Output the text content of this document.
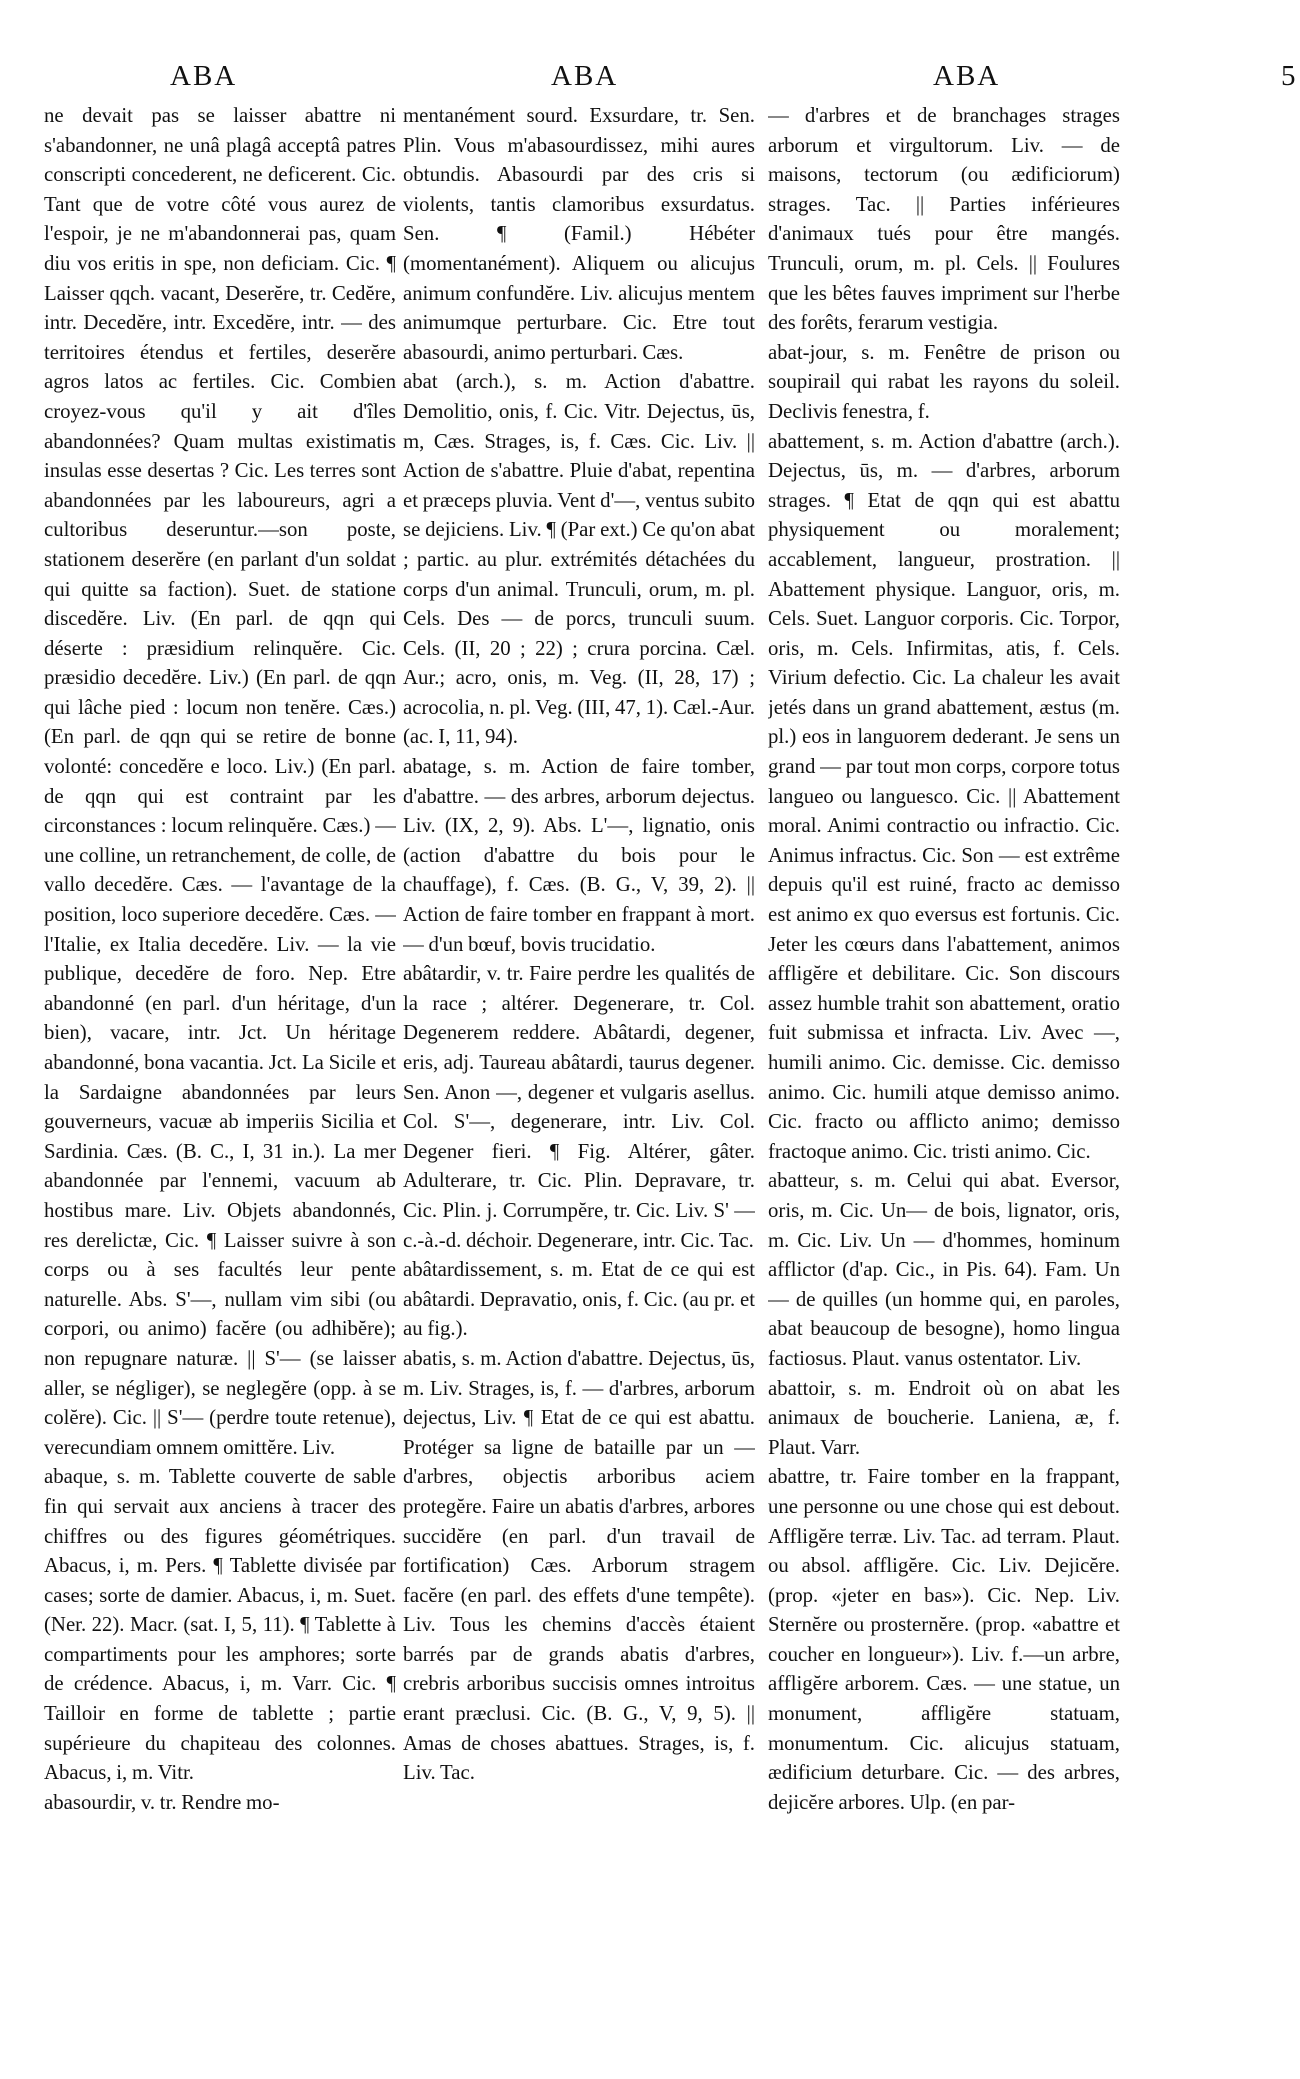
ABA	ABA	ABA	5

ne devait pas se laisser abattre ni s'abandonner, ne unâ plagâ acceptâ patres conscripti concederent, ne deficerent. Cic. Tant que de votre côté vous aurez de l'espoir, je ne m'abandonnerai pas, quam diu vos eritis in spe, non deficiam. Cic. ¶ Laisser qqch. vacant, Deserĕre, tr. Cedĕre, intr. Decedĕre, intr. Excedĕre, intr. — des territoires étendus et fertiles, deserĕre agros latos ac fertiles. Cic. Combien croyez-vous qu'il y ait d'îles abandonnées? Quam multas existimatis insulas esse desertas ? Cic. Les terres sont abandonnées par les laboureurs, agri a cultoribus deseruntur.—son poste, stationem deserĕre (en parlant d'un soldat qui quitte sa faction). Suet. de statione discedĕre. Liv. (En parl. de qqn qui déserte : præsidium relinquĕre. Cic. præsidio decedĕre. Liv.) (En parl. de qqn qui lâche pied : locum non tenĕre. Cæs.) (En parl. de qqn qui se retire de bonne volonté: concedĕre e loco. Liv.) (En parl. de qqn qui est contraint par les circonstances : locum relinquĕre. Cæs.) — une colline, un retranchement, de colle, de vallo decedĕre. Cæs. — l'avantage de la position, loco superiore decedĕre. Cæs. — l'Italie, ex Italia decedĕre. Liv. — la vie publique, decedĕre de foro. Nep. Etre abandonné (en parl. d'un héritage, d'un bien), vacare, intr. Jct. Un héritage abandonné, bona vacantia. Jct. La Sicile et la Sardaigne abandonnées par leurs gouverneurs, vacuæ ab imperiis Siciliа et Sardinia. Cæs. (B. C., I, 31 in.). La mer abandonnée par l'ennemi, vacuum ab hostibus mare. Liv. Objets abandonnés, res derelictæ, Cic. ¶ Laisser suivre à son corps ou à ses facultés leur pente naturelle. Abs. S'—, nullam vim sibi (ou corpori, ou animo) facĕre (ou adhibĕre); non repugnare naturæ. || S'— (se laisser aller, se négliger), se neglegĕre (opp. à se colĕre). Cic. || S'— (perdre toute retenue), verecundiam omnem omittĕre. Liv.

abaque, s. m. Tablette couverte de sable fin qui servait aux anciens à tracer des chiffres ou des figures géométriques. Abacus, i, m. Pers. ¶ Tablette divisée par cases; sorte de damier. Abacus, i, m. Suet. (Ner. 22). Macr. (sat. I, 5, 11). ¶ Tablette à compartiments pour les amphores; sorte de crédence. Abacus, i, m. Varr. Cic. ¶ Tailloir en forme de tablette ; partie supérieure du chapiteau des colonnes. Abacus, i, m. Vitr.

abasourdir, v. tr. Rendre mo-

mentanément sourd. Exsurdare, tr. Sen. Plin. Vous m'abasourdissez, mihi aures obtundis. Abasourdi par des cris si violents, tantis clamoribus exsurdatus. Sen. ¶ (Famil.) Hébéter (momentanément). Aliquem ou alicujus animum confundĕre. Liv. alicujus mentem animumque perturbare. Cic. Etre tout abasourdi, animo perturbari. Cæs.

abat (arch.), s. m. Action d'abattre. Demolitio, onis, f. Cic. Vitr. Dejectus, ūs, m, Cæs. Strages, is, f. Cæs. Cic. Liv. || Action de s'abattre. Pluie d'abat, repentina et præceps pluvia. Vent d'—, ventus subito se dejiciens. Liv. ¶ (Par ext.) Ce qu'on abat ; partic. au plur. extrémités détachées du corps d'un animal. Trunculi, orum, m. pl. Cels. Des — de porcs, trunculi suum. Cels. (II, 20 ; 22) ; crura porcina. Cæl. Aur.; acro, onis, m. Veg. (II, 28, 17) ; acrocolia, n. pl. Veg. (III, 47, 1). Cæl.-Aur. (ac. I, 11, 94).

abatage, s. m. Action de faire tomber, d'abattre. — des arbres, arborum dejectus. Liv. (IX, 2, 9). Abs. L'—, lignatio, onis (action d'abattre du bois pour le chauffage), f. Cæs. (B. G., V, 39, 2). || Action de faire tomber en frappant à mort. — d'un bœuf, bovis trucidatio.

abâtardir, v. tr. Faire perdre les qualités de la race ; altérer. Degenerare, tr. Col. Degenerem reddere. Abâtardi, degener, eris, adj. Taureau abâtardi, taurus degener. Sen. Anon —, degener et vulgaris asellus. Col. S'—, degenerare, intr. Liv. Col. Degener fieri. ¶ Fig. Altérer, gâter. Adulterare, tr. Cic. Plin. Depravare, tr. Cic. Plin. j. Corrumpĕre, tr. Cic. Liv. S' — c.-à.-d. déchoir. Degenerare, intr. Cic. Tac.

abâtardissement, s. m. Etat de ce qui est abâtardi. Depravatio, onis, f. Cic. (au pr. et au fig.).

abatis, s. m. Action d'abattre. Dejectus, ūs, m. Liv. Strages, is, f. — d'arbres, arborum dejectus, Liv. ¶ Etat de ce qui est abattu. Protéger sa ligne de bataille par un — d'arbres, objectis arboribus aciem protegĕre. Faire un abatis d'arbres, arbores succidĕre (en parl. d'un travail de fortification) Cæs. Arborum stragem facĕre (en parl. des effets d'une tempête). Liv. Tous les chemins d'accès étaient barrés par de grands abatis d'arbres, crebris arboribus succisis omnes introitus erant præclusi. Cic. (B. G., V, 9, 5). || Amas de choses abattues. Strages, is, f. Liv. Tac.

— d'arbres et de branchages strages arborum et virgultorum. Liv. — de maisons, tectorum (ou ædificiorum) strages. Tac. || Parties inférieures d'animaux tués pour être mangés. Trunculi, orum, m. pl. Cels. || Foulures que les bêtes fauves impriment sur l'herbe des forêts, ferarum vestigia.

abat-jour, s. m. Fenêtre de prison ou soupirail qui rabat les rayons du soleil. Declivis fenestra, f.

abattement, s. m. Action d'abattre (arch.). Dejectus, ūs, m. — d'arbres, arborum strages. ¶ Etat de qqn qui est abattu physiquement ou moralement; accablement, langueur, prostration. || Abattement physique. Languor, oris, m. Cels. Suet. Languor corporis. Cic. Torpor, oris, m. Cels. Infirmitas, atis, f. Cels. Virium defectio. Cic. La chaleur les avait jetés dans un grand abattement, æstus (m. pl.) eos in languorem dederant. Je sens un grand — par tout mon corps, corpore totus langueo ou languesco. Cic. || Abattement moral. Animi contractio ou infractio. Cic. Animus infractus. Cic. Son — est extrême depuis qu'il est ruiné, fracto ac demisso est animo ex quo eversus est fortunis. Cic. Jeter les cœurs dans l'abattement, animos affligĕre et debilitare. Cic. Son discours assez humble trahit son abattement, oratio fuit submissa et infracta. Liv. Avec —, humili animo. Cic. demisse. Cic. demisso animo. Cic. humili atque demisso animo. Cic. fracto ou afflicto animo; demisso fractoque animo. Cic. tristi animo. Cic.

abatteur, s. m. Celui qui abat. Eversor, oris, m. Cic. Un— de bois, lignator, oris, m. Cic. Liv. Un — d'hommes, hominum afflictor (d'ap. Cic., in Pis. 64). Fam. Un — de quilles (un homme qui, en paroles, abat beaucoup de besogne), homo lingua factiosus. Plaut. vanus ostentator. Liv.

abattoir, s. m. Endroit où on abat les animaux de boucherie. Laniena, æ, f. Plaut. Varr.

abattre, tr. Faire tomber en la frappant, une personne ou une chose qui est debout. Affligĕre terræ. Liv. Tac. ad terram. Plaut. ou absol. affligĕre. Cic. Liv. Dejicĕre. (prop. «jeter en bas»). Cic. Nep. Liv. Sternĕre ou prosternĕre. (prop. «abattre et coucher en longueur»). Liv. f.—un arbre, affligĕre arborem. Cæs. — une statue, un monument, affligĕre statuam, monumentum. Cic. alicujus statuam, ædificium deturbare. Cic. — des arbres, dejicĕre arbores. Ulp. (en par-
